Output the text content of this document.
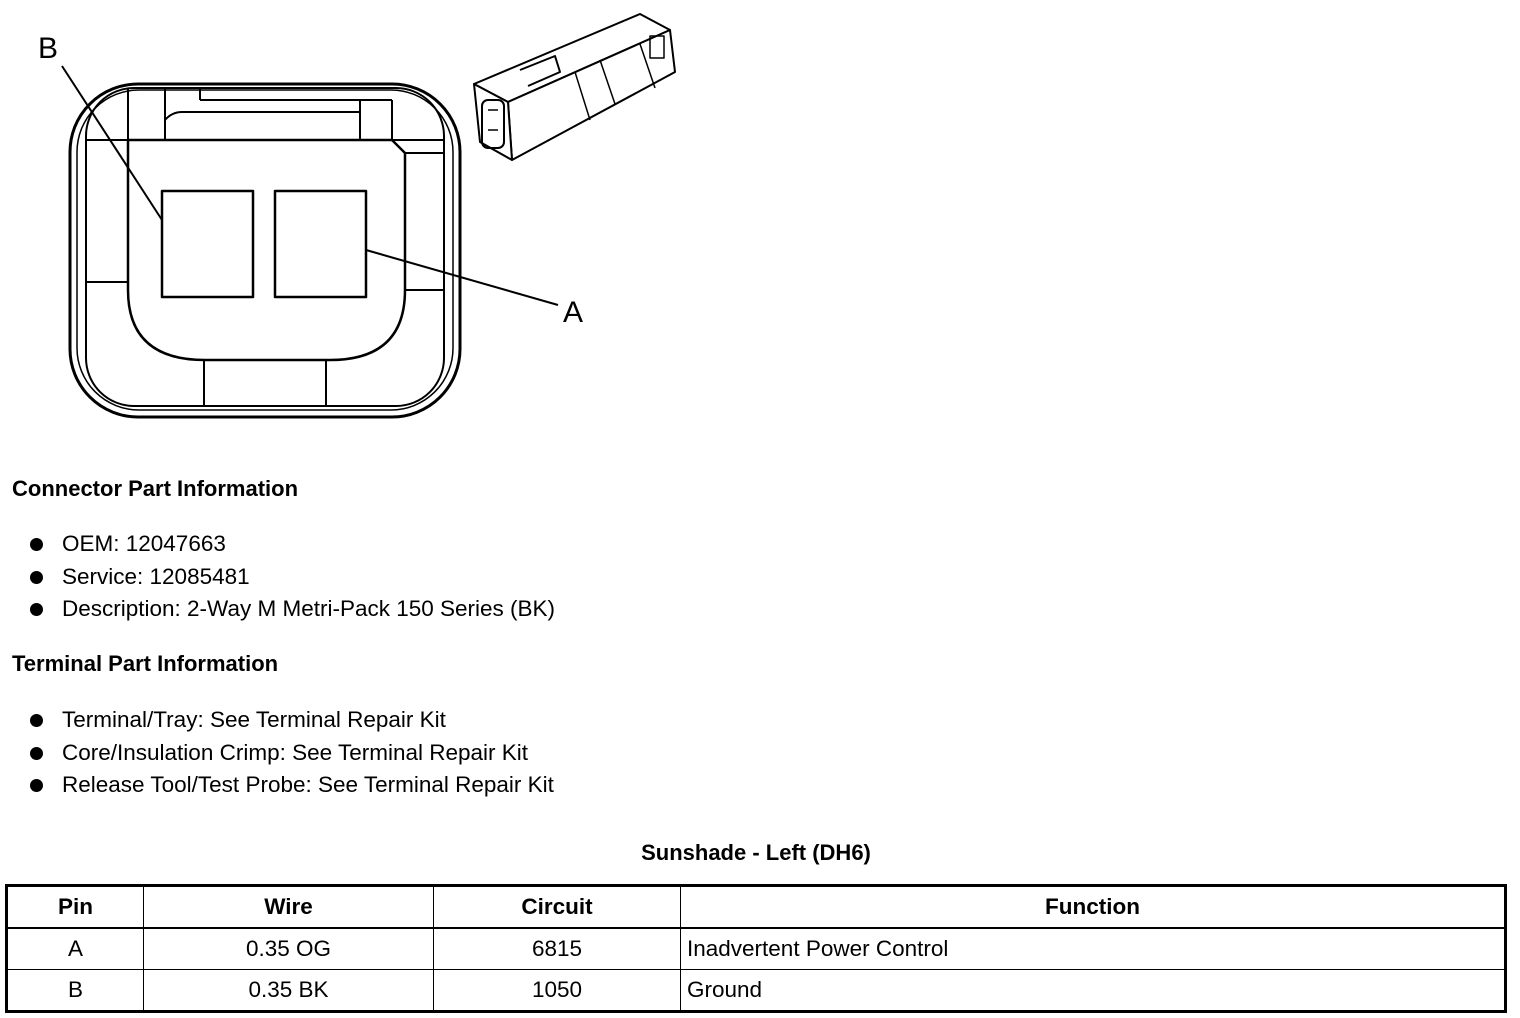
B
A
Connector Part Information
OEM: 12047663
Service: 12085481
Description: 2-Way M Metri-Pack 150 Series (BK)
Terminal Part Information
Terminal/Tray: See Terminal Repair Kit
Core/Insulation Crimp: See Terminal Repair Kit
Release Tool/Test Probe: See Terminal Repair Kit
Sunshade - Left (DH6)
Pin	Wire	Circuit	Function
A	0.35 OG	6815	Inadvertent Power Control
B	0.35 BK	1050	Ground
